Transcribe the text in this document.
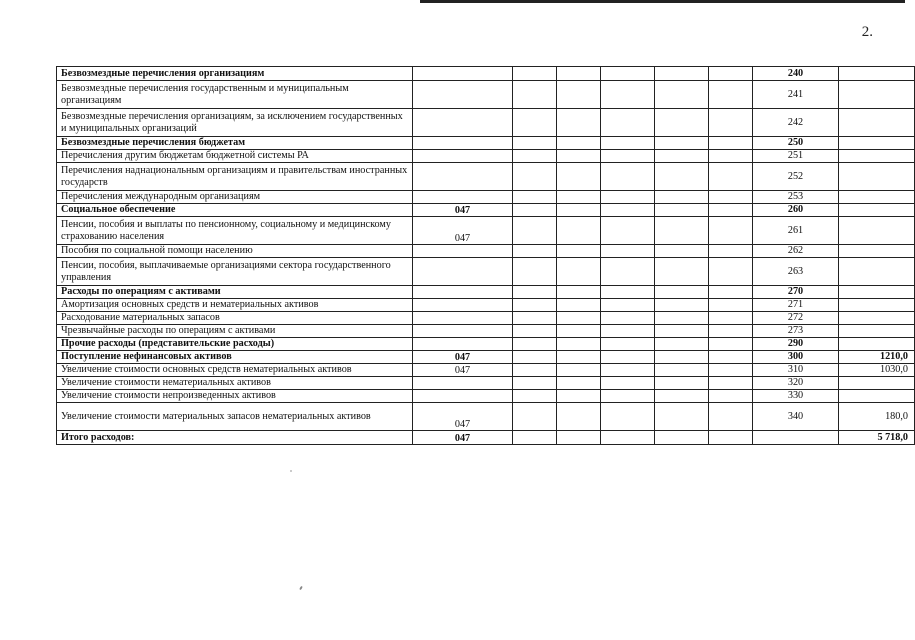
2.
Безвозмездные перечисления организациям							240	
Безвозмездные перечисления государственным и муниципальным организациям							241	
Безвозмездные перечисления организациям, за исключением государственных и муниципальных организаций							242	
Безвозмездные перечисления бюджетам							250	
Перечисления другим бюджетам бюджетной системы РА							251	
Перечисления наднациональным организациям и правительствам иностранных государств							252	
Перечисления международным организациям							253	
Социальное обеспечение	047						260	
Пенсии, пособия и выплаты по пенсионному, социальному и медицинскому страхованию населения	047						261	
Пособия по социальной помощи населению							262	
Пенсии, пособия, выплачиваемые организациями сектора государственного управления							263	
Расходы по операциям с активами							270	
Амортизация основных средств и нематериальных активов							271	
Расходование материальных запасов							272	
Чрезвычайные расходы по операциям с активами							273	
Прочие расходы (представительские расходы)							290	
Поступление нефинансовых активов	047						300	1210,0
Увеличение стоимости основных средств нематериальных активов	047						310	1030,0
Увеличение стоимости нематериальных активов							320	
Увеличение стоимости непроизведенных активов							330	
Увеличение стоимости материальных запасов нематериальных активов	047						340	180,0
Итого расходов:	047							5 718,0
